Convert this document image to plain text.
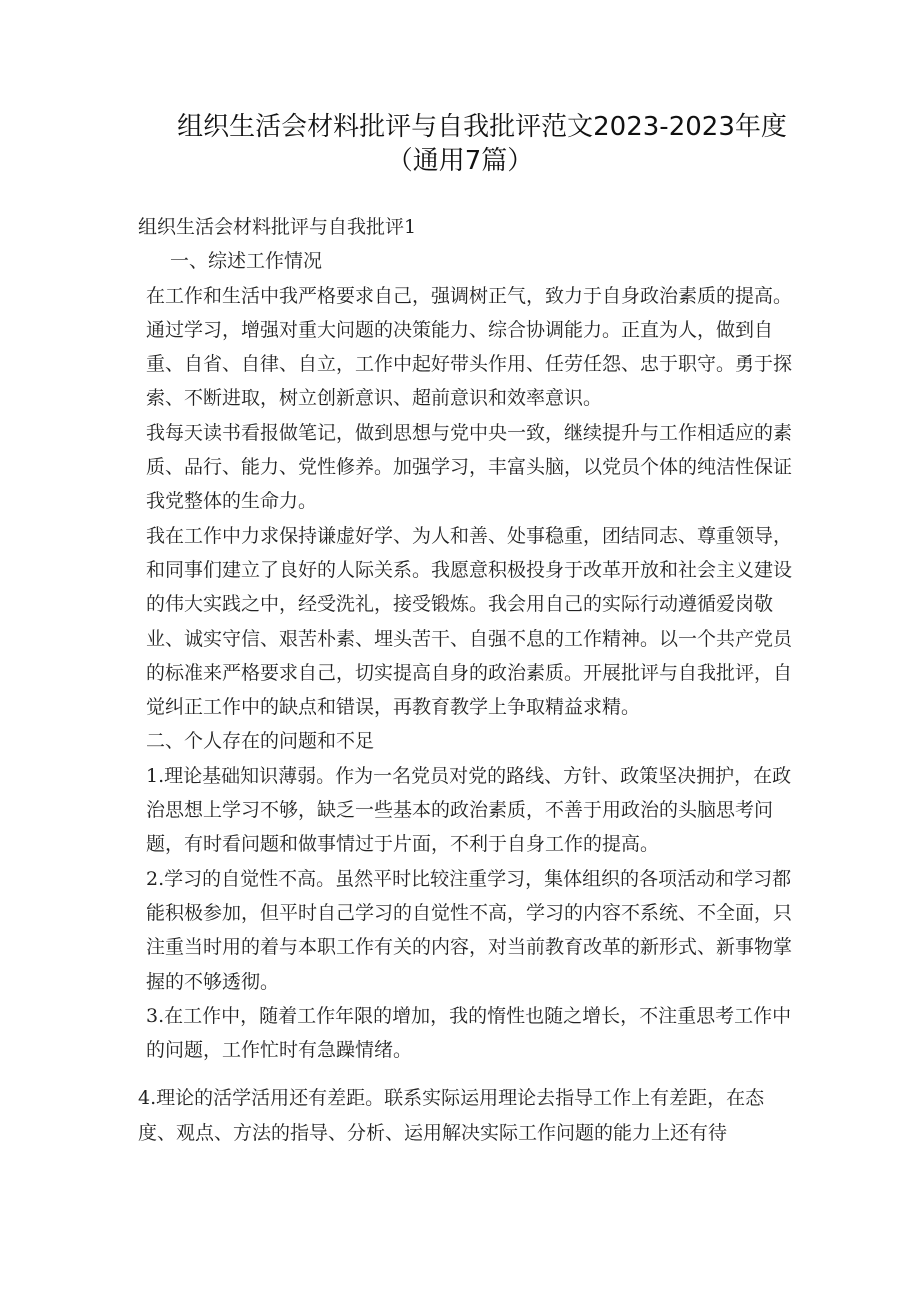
组织生活会材料批评与自我批评范文2023-2023年度
（通用7篇）

组织生活会材料批评与自我批评1

一、综述工作情况

在工作和生活中我严格要求自己，强调树正气，致力于自身政治素质的提高。通过学习，增强对重大问题的决策能力、综合协调能力。正直为人，做到自重、自省、自律、自立，工作中起好带头作用、任劳任怨、忠于职守。勇于探索、不断进取，树立创新意识、超前意识和效率意识。

我每天读书看报做笔记，做到思想与党中央一致，继续提升与工作相适应的素质、品行、能力、党性修养。加强学习，丰富头脑，以党员个体的纯洁性保证我党整体的生命力。

我在工作中力求保持谦虚好学、为人和善、处事稳重，团结同志、尊重领导，和同事们建立了良好的人际关系。我愿意积极投身于改革开放和社会主义建设的伟大实践之中，经受洗礼，接受锻炼。我会用自己的实际行动遵循爱岗敬业、诚实守信、艰苦朴素、埋头苦干、自强不息的工作精神。以一个共产党员的标准来严格要求自己，切实提高自身的政治素质。开展批评与自我批评，自觉纠正工作中的缺点和错误，再教育教学上争取精益求精。

二、个人存在的问题和不足

1.理论基础知识薄弱。作为一名党员对党的路线、方针、政策坚决拥护，在政治思想上学习不够，缺乏一些基本的政治素质，不善于用政治的头脑思考问题，有时看问题和做事情过于片面，不利于自身工作的提高。

2.学习的自觉性不高。虽然平时比较注重学习，集体组织的各项活动和学习都能积极参加，但平时自己学习的自觉性不高，学习的内容不系统、不全面，只注重当时用的着与本职工作有关的内容，对当前教育改革的新形式、新事物掌握的不够透彻。

3.在工作中，随着工作年限的增加，我的惰性也随之增长，不注重思考工作中的问题，工作忙时有急躁情绪。

4.理论的活学活用还有差距。联系实际运用理论去指导工作上有差距，在态度、观点、方法的指导、分析、运用解决实际工作问题的能力上还有待
